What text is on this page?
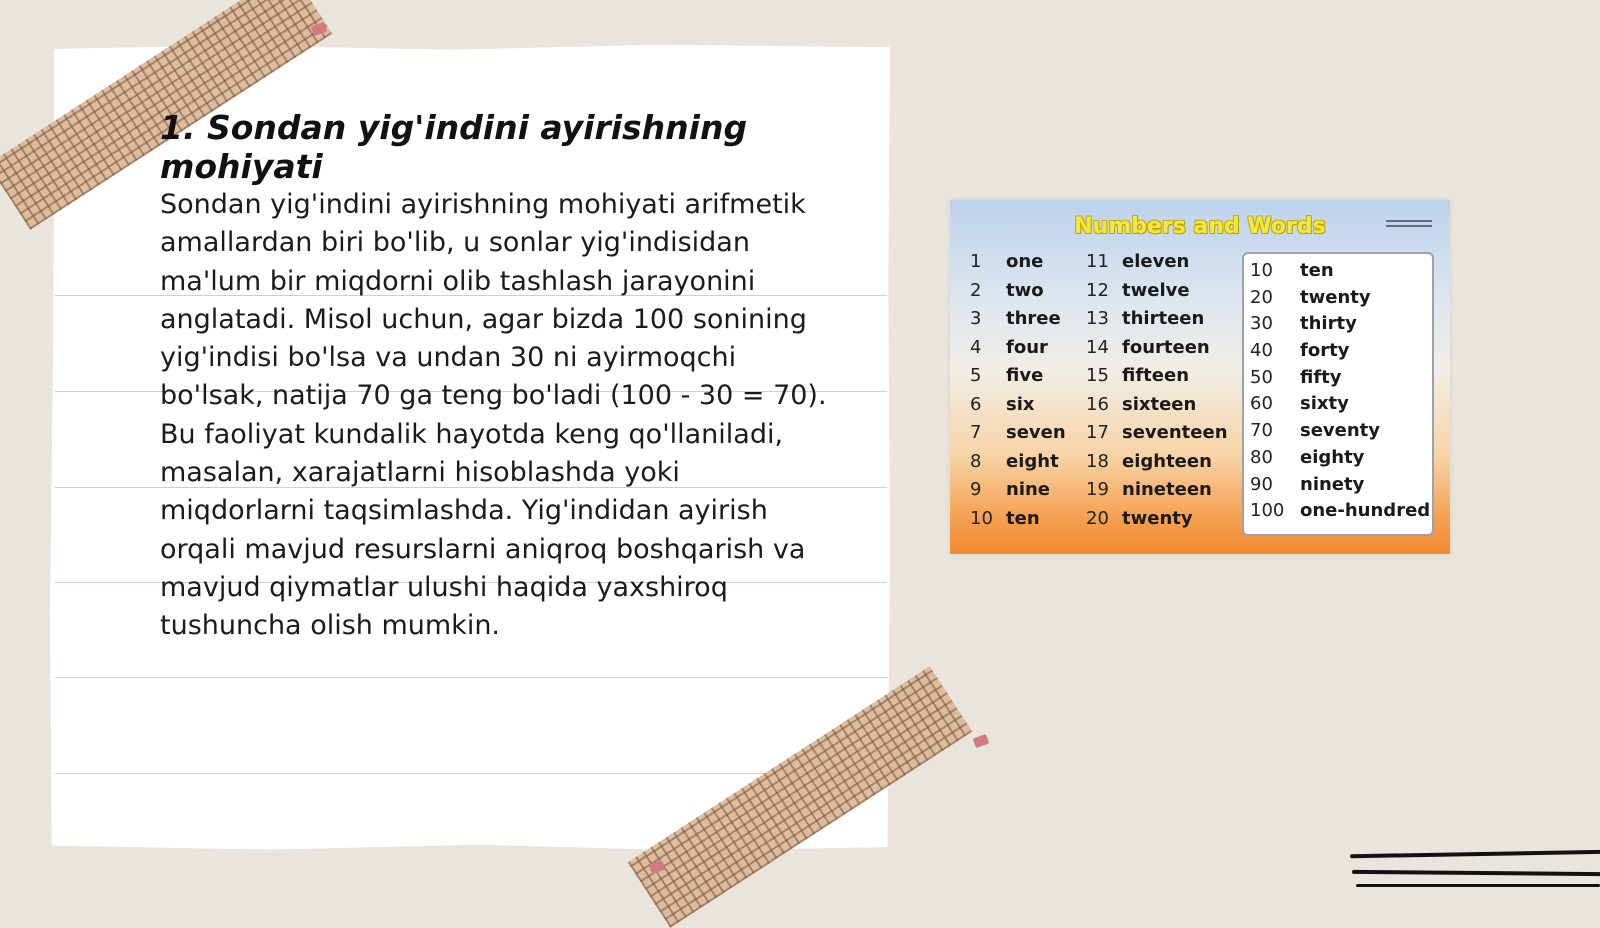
1. Sondan yig'indini ayirishning mohiyati

Sondan yig'indini ayirishning mohiyati arifmetik amallardan biri bo'lib, u sonlar yig'indisidan ma'lum bir miqdorni olib tashlash jarayonini anglatadi. Misol uchun, agar bizda 100 sonining yig'indisi bo'lsa va undan 30 ni ayirmoqchi bo'lsak, natija 70 ga teng bo'ladi (100 - 30 = 70). Bu faoliyat kundalik hayotda keng qo'llaniladi, masalan, xarajatlarni hisoblashda yoki miqdorlarni taqsimlashda. Yig'indidan ayirish orqali mavjud resurslarni aniqroq boshqarish va mavjud qiymatlar ulushi haqida yaxshiroq tushuncha olish mumkin.

Numbers and Words
1 one
2 two
3 three
4 four
5 five
6 six
7 seven
8 eight
9 nine
10 ten
11 eleven
12 twelve
13 thirteen
14 fourteen
15 fifteen
16 sixteen
17 seventeen
18 eighteen
19 nineteen
20 twenty
10 ten
20 twenty
30 thirty
40 forty
50 fifty
60 sixty
70 seventy
80 eighty
90 ninety
100 one-hundred
